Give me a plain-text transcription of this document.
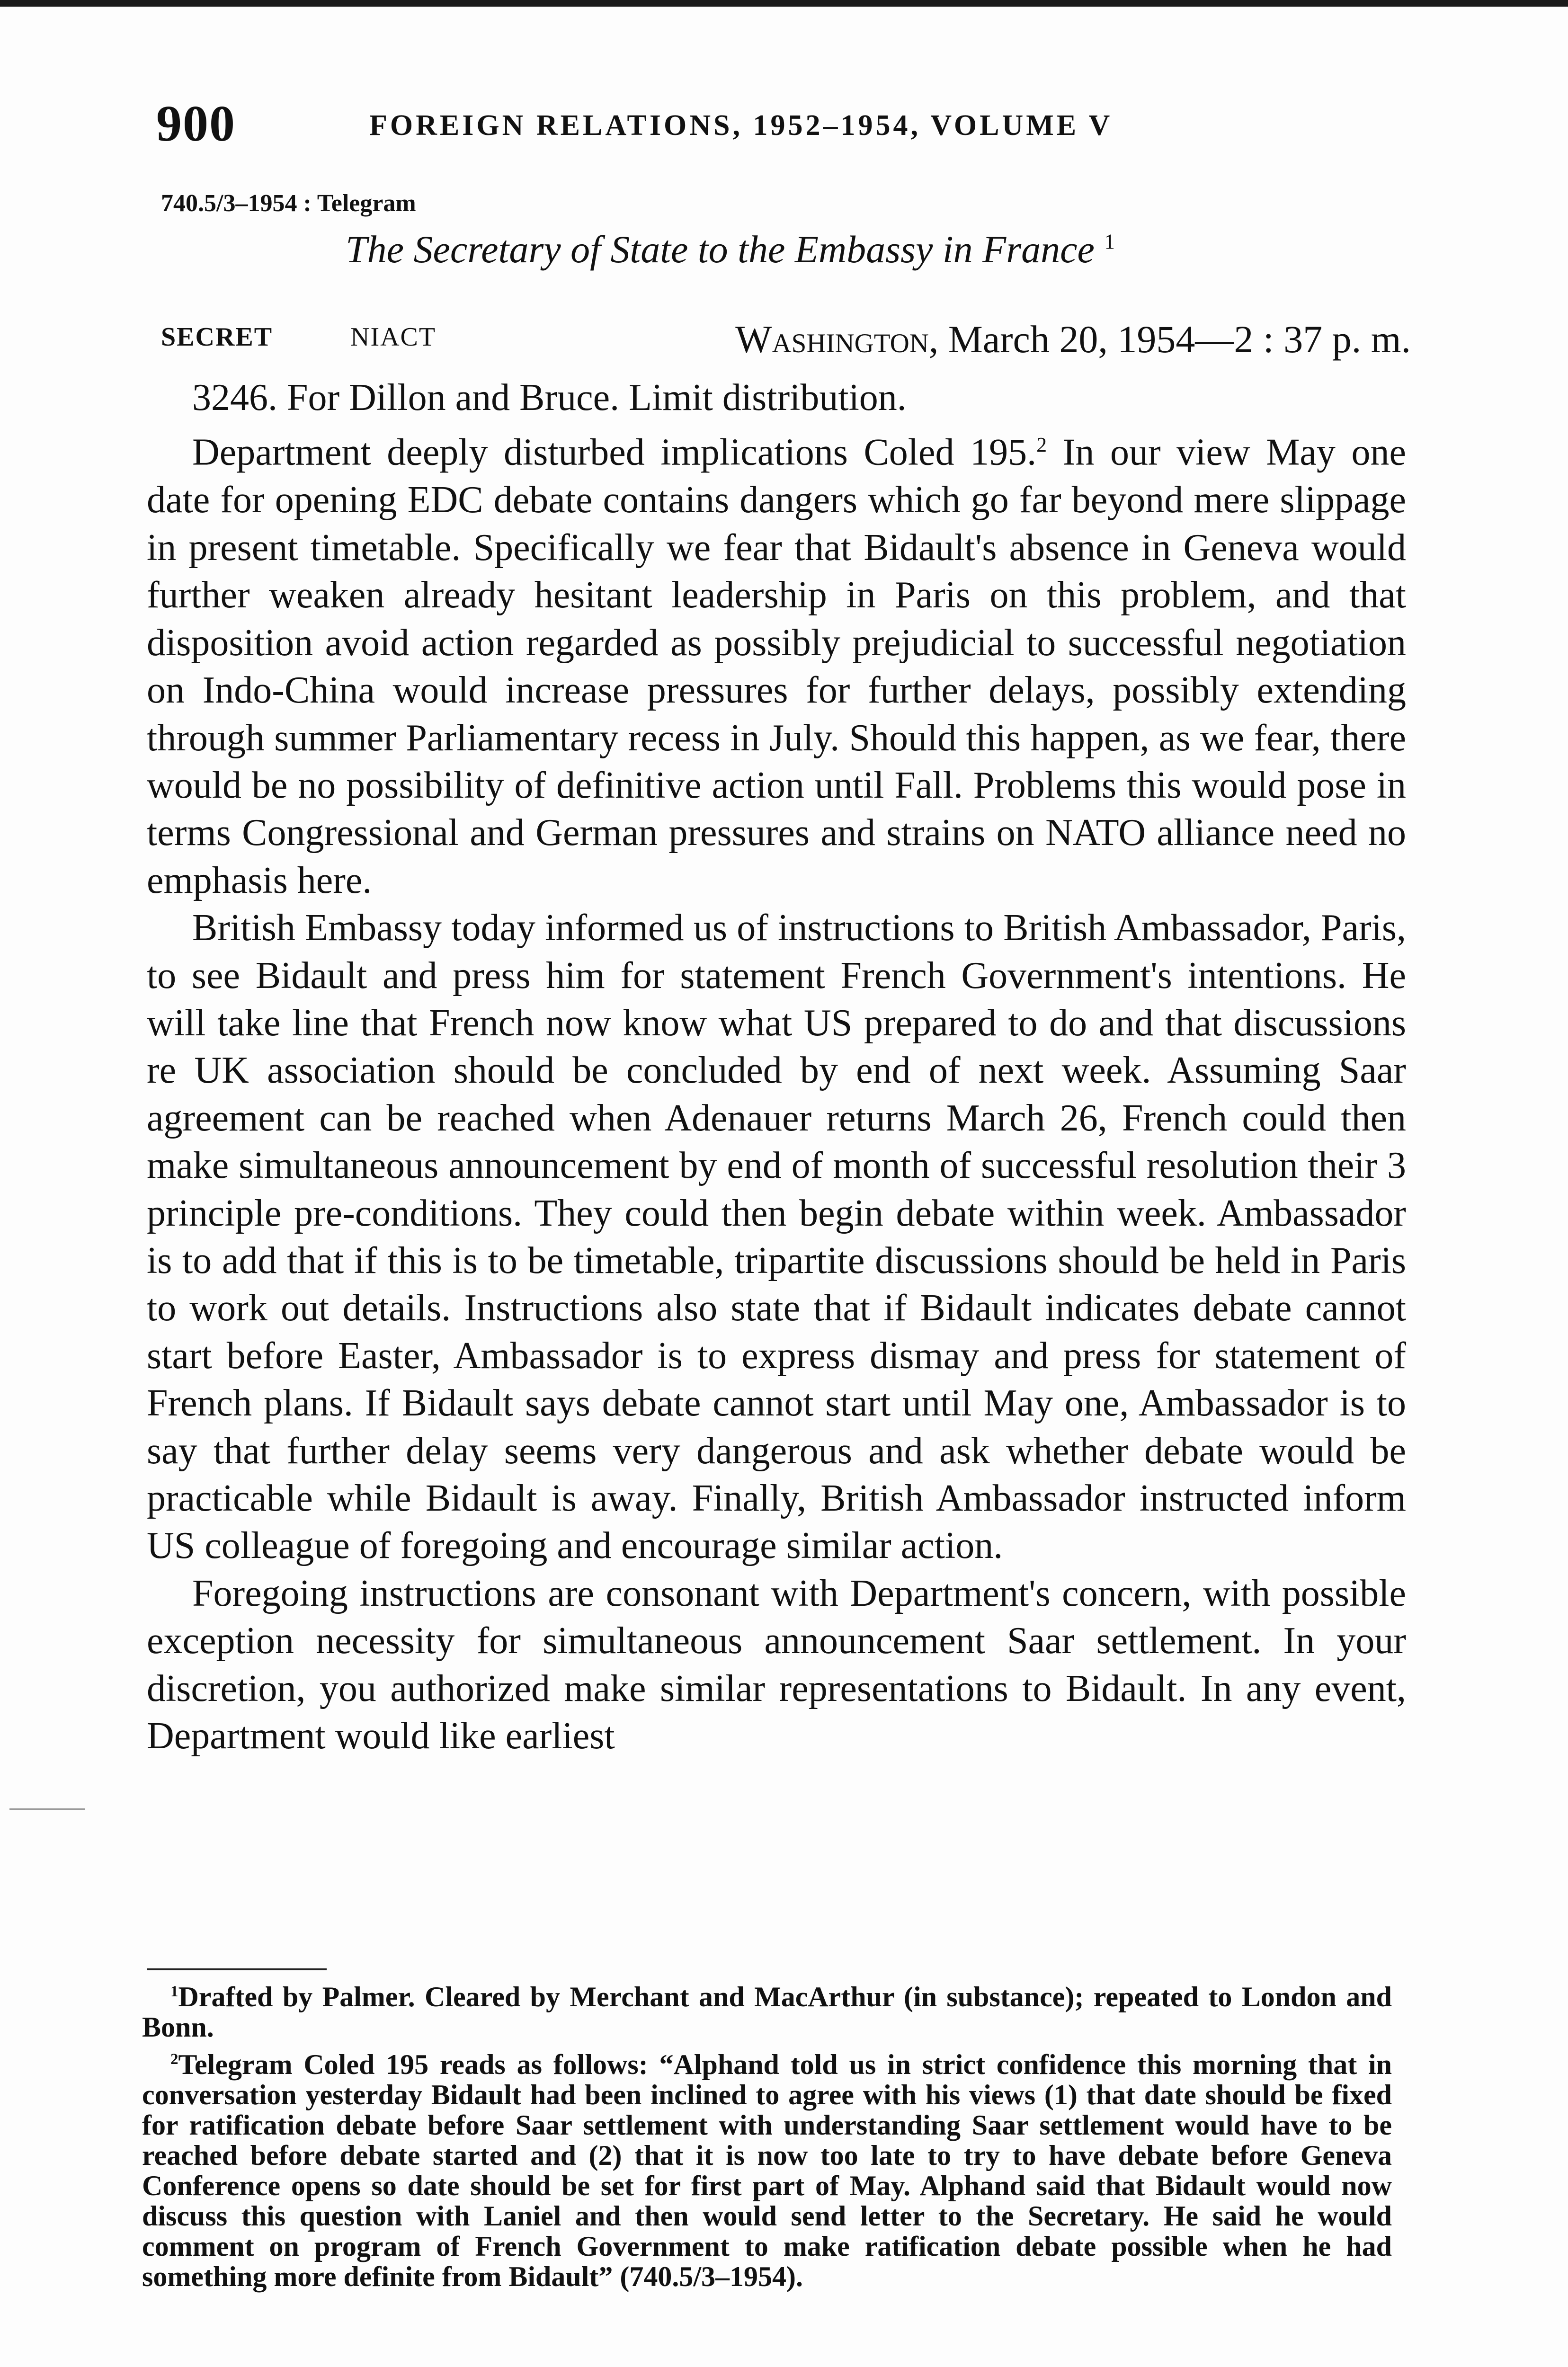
900	FOREIGN RELATIONS, 1952–1954, VOLUME V
740.5/3–1954 : Telegram
The Secretary of State to the Embassy in France $^1$
SECRET	NIACT	Washington, March 20, 1954—2 : 37 p. m.

3246. For Dillon and Bruce. Limit distribution.

Department deeply disturbed implications Coled 195.$^2$ In our view May one date for opening EDC debate contains dangers which go far beyond mere slippage in present timetable. Specifically we fear that Bidault's absence in Geneva would further weaken already hesitant leadership in Paris on this problem, and that disposition avoid action regarded as possibly prejudicial to successful negotiation on Indo-China would increase pressures for further delays, possibly extending through summer Parliamentary recess in July. Should this happen, as we fear, there would be no possibility of definitive action until Fall. Problems this would pose in terms Congressional and German pressures and strains on NATO alliance need no emphasis here.

British Embassy today informed us of instructions to British Ambassador, Paris, to see Bidault and press him for statement French Government's intentions. He will take line that French now know what US prepared to do and that discussions re UK association should be concluded by end of next week. Assuming Saar agreement can be reached when Adenauer returns March 26, French could then make simultaneous announcement by end of month of successful resolution their 3 principle pre-conditions. They could then begin debate within week. Ambassador is to add that if this is to be timetable, tripartite discussions should be held in Paris to work out details. Instructions also state that if Bidault indicates debate cannot start before Easter, Ambassador is to express dismay and press for statement of French plans. If Bidault says debate cannot start until May one, Ambassador is to say that further delay seems very dangerous and ask whether debate would be practicable while Bidault is away. Finally, British Ambassador instructed inform US colleague of foregoing and encourage similar action.

Foregoing instructions are consonant with Department's concern, with possible exception necessity for simultaneous announcement Saar settlement. In your discretion, you authorized make similar representations to Bidault. In any event, Department would like earliest

$^1$Drafted by Palmer. Cleared by Merchant and MacArthur (in substance); repeated to London and Bonn.

$^2$Telegram Coled 195 reads as follows: “Alphand told us in strict confidence this morning that in conversation yesterday Bidault had been inclined to agree with his views (1) that date should be fixed for ratification debate before Saar settlement with understanding Saar settlement would have to be reached before debate started and (2) that it is now too late to try to have debate before Geneva Conference opens so date should be set for first part of May. Alphand said that Bidault would now discuss this question with Laniel and then would send letter to the Secretary. He said he would comment on program of French Government to make ratification debate possible when he had something more definite from Bidault” (740.5/3–1954).
